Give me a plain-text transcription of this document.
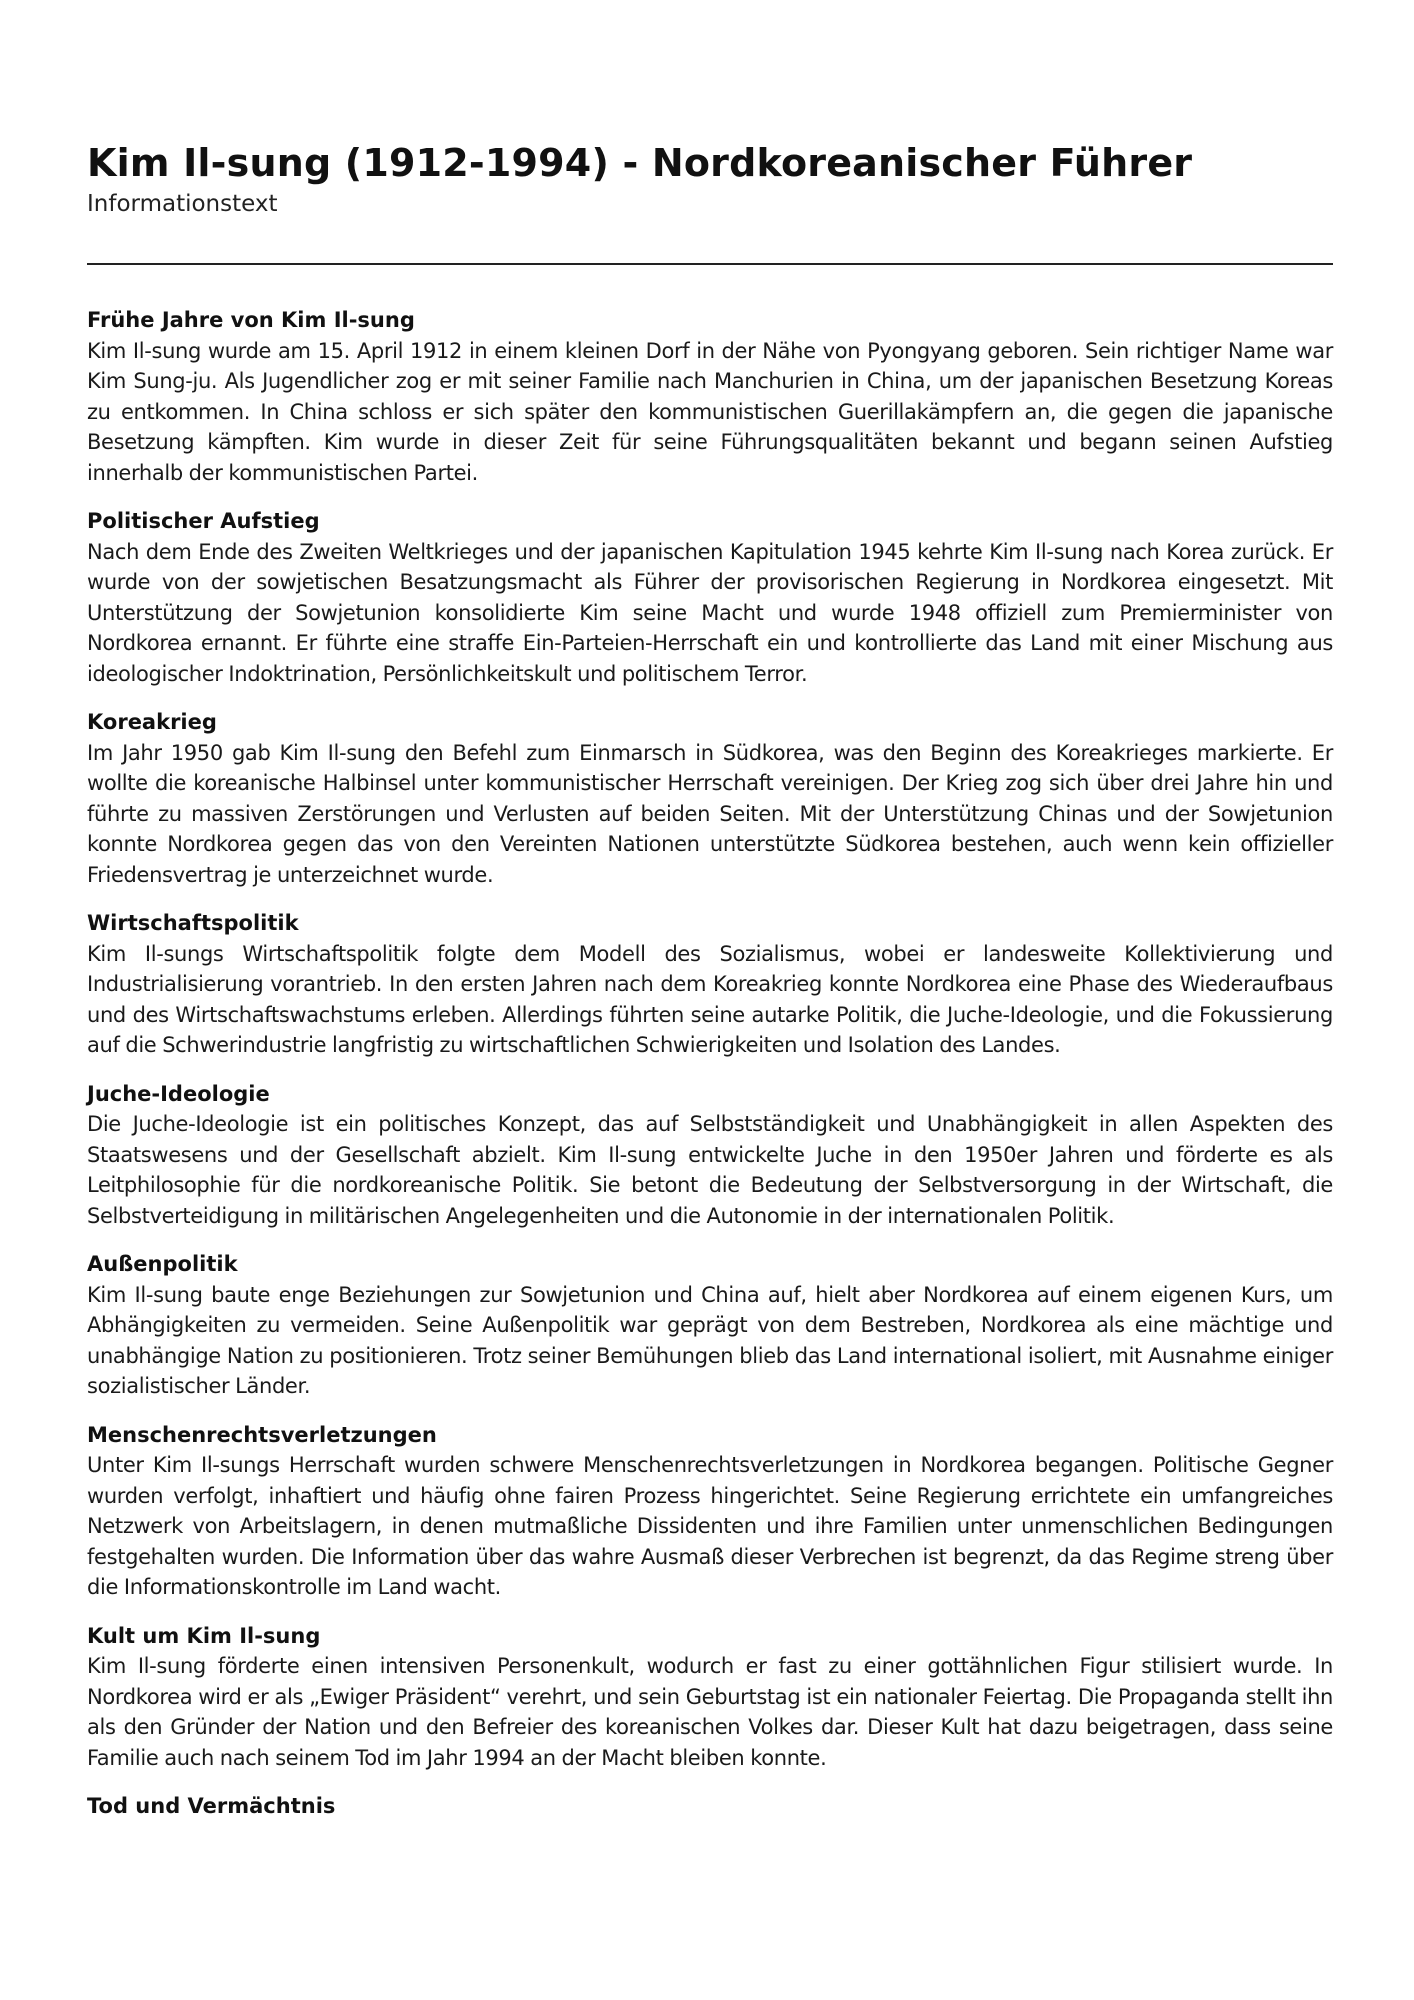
Kim Il-sung (1912-1994) - Nordkoreanischer Führer
Informationstext
Frühe Jahre von Kim Il-sung

Kim Il-sung wurde am 15. April 1912 in einem kleinen Dorf in der Nähe von Pyongyang geboren. Sein richtiger Name war Kim Sung-ju. Als Jugendlicher zog er mit seiner Familie nach Manchurien in China, um der japanischen Besetzung Koreas zu entkommen. In China schloss er sich später den kommunistischen Guerillakämpfern an, die gegen die japanische Besetzung kämpften. Kim wurde in dieser Zeit für seine Führungsqualitäten bekannt und begann seinen Aufstieg innerhalb der kommunistischen Partei.

Politischer Aufstieg

Nach dem Ende des Zweiten Weltkrieges und der japanischen Kapitulation 1945 kehrte Kim Il-sung nach Korea zurück. Er wurde von der sowjetischen Besatzungsmacht als Führer der provisorischen Regierung in Nordkorea eingesetzt. Mit Unterstützung der Sowjetunion konsolidierte Kim seine Macht und wurde 1948 offiziell zum Premierminister von Nordkorea ernannt. Er führte eine straffe Ein-Parteien-Herrschaft ein und kontrollierte das Land mit einer Mischung aus ideologischer Indoktrination, Persönlichkeitskult und politischem Terror.

Koreakrieg

Im Jahr 1950 gab Kim Il-sung den Befehl zum Einmarsch in Südkorea, was den Beginn des Koreakrieges markierte. Er wollte die koreanische Halbinsel unter kommunistischer Herrschaft vereinigen. Der Krieg zog sich über drei Jahre hin und führte zu massiven Zerstörungen und Verlusten auf beiden Seiten. Mit der Unterstützung Chinas und der Sowjetunion konnte Nordkorea gegen das von den Vereinten Nationen unterstützte Südkorea bestehen, auch wenn kein offizieller Friedensvertrag je unterzeichnet wurde.

Wirtschaftspolitik

Kim Il-sungs Wirtschaftspolitik folgte dem Modell des Sozialismus, wobei er landesweite Kollektivierung und Industrialisierung vorantrieb. In den ersten Jahren nach dem Koreakrieg konnte Nordkorea eine Phase des Wiederaufbaus und des Wirtschaftswachstums erleben. Allerdings führten seine autarke Politik, die Juche-Ideologie, und die Fokussierung auf die Schwerindustrie langfristig zu wirtschaftlichen Schwierigkeiten und Isolation des Landes.

Juche-Ideologie

Die Juche-Ideologie ist ein politisches Konzept, das auf Selbstständigkeit und Unabhängigkeit in allen Aspekten des Staatswesens und der Gesellschaft abzielt. Kim Il-sung entwickelte Juche in den 1950er Jahren und förderte es als Leitphilosophie für die nordkoreanische Politik. Sie betont die Bedeutung der Selbstversorgung in der Wirtschaft, die Selbstverteidigung in militärischen Angelegenheiten und die Autonomie in der internationalen Politik.

Außenpolitik

Kim Il-sung baute enge Beziehungen zur Sowjetunion und China auf, hielt aber Nordkorea auf einem eigenen Kurs, um Abhängigkeiten zu vermeiden. Seine Außenpolitik war geprägt von dem Bestreben, Nordkorea als eine mächtige und unabhängige Nation zu positionieren. Trotz seiner Bemühungen blieb das Land international isoliert, mit Ausnahme einiger sozialistischer Länder.

Menschenrechtsverletzungen

Unter Kim Il-sungs Herrschaft wurden schwere Menschenrechtsverletzungen in Nordkorea begangen. Politische Gegner wurden verfolgt, inhaftiert und häufig ohne fairen Prozess hingerichtet. Seine Regierung errichtete ein umfangreiches Netzwerk von Arbeitslagern, in denen mutmaßliche Dissidenten und ihre Familien unter unmenschlichen Bedingungen festgehalten wurden. Die Information über das wahre Ausmaß dieser Verbrechen ist begrenzt, da das Regime streng über die Informationskontrolle im Land wacht.

Kult um Kim Il-sung

Kim Il-sung förderte einen intensiven Personenkult, wodurch er fast zu einer gottähnlichen Figur stilisiert wurde. In Nordkorea wird er als „Ewiger Präsident“ verehrt, und sein Geburtstag ist ein nationaler Feiertag. Die Propaganda stellt ihn als den Gründer der Nation und den Befreier des koreanischen Volkes dar. Dieser Kult hat dazu beigetragen, dass seine Familie auch nach seinem Tod im Jahr 1994 an der Macht bleiben konnte.

Tod und Vermächtnis
